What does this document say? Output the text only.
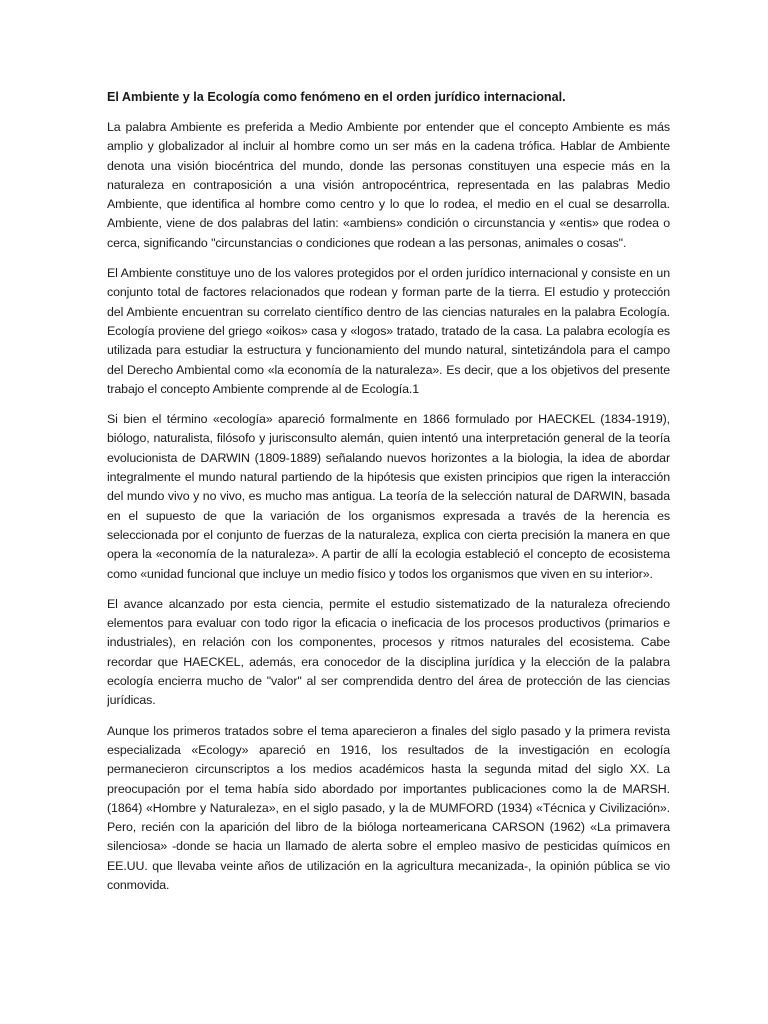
El Ambiente y la Ecología como fenómeno en el orden jurídico internacional.

La palabra Ambiente es preferida a Medio Ambiente por entender que el concepto Ambiente es más amplio y globalizador al incluir al hombre como un ser más en la cadena trófica. Hablar de Ambiente denota una visión biocéntrica del mundo, donde las personas constituyen una especie más en la naturaleza en contraposición a una visión antropocéntrica, representada en las palabras Medio Ambiente, que identifica al hombre como centro y lo que lo rodea, el medio en el cual se desarrolla. Ambiente, viene de dos palabras del latin: «ambiens» condición o circunstancia y «entis» que rodea o cerca, significando "circunstancias o condiciones que rodean a las personas, animales o cosas".

El Ambiente constituye uno de los valores protegidos por el orden jurídico internacional y consiste en un conjunto total de factores relacionados que rodean y forman parte de la tierra. El estudio y protección del Ambiente encuentran su correlato científico dentro de las ciencias naturales en la palabra Ecología. Ecología proviene del griego «oikos» casa y «logos» tratado, tratado de la casa. La palabra ecología es utilizada para estudiar la estructura y funcionamiento del mundo natural, sintetizándola para el campo del Derecho Ambiental como «la economía de la naturaleza». Es decir, que a los objetivos del presente trabajo el concepto Ambiente comprende al de Ecología.1

Si bien el término «ecología» apareció formalmente en 1866 formulado por HAECKEL (1834-1919), biólogo, naturalista, filósofo y jurisconsulto alemán, quien intentó una interpretación general de la teoría evolucionista de DARWIN (1809-1889) señalando nuevos horizontes a la biologia, la idea de abordar integralmente el mundo natural partiendo de la hipótesis que existen principios que rigen la interacción del mundo vivo y no vivo, es mucho mas antigua. La teoría de la selección natural de DARWIN, basada en el supuesto de que la variación de los organismos expresada a través de la herencia es seleccionada por el conjunto de fuerzas de la naturaleza, explica con cierta precisión la manera en que opera la «economía de la naturaleza». A partir de allí la ecologia estableció el concepto de ecosistema como «unidad funcional que incluye un medio físico y todos los organismos que viven en su interior».

El avance alcanzado por esta ciencia, permite el estudio sistematizado de la naturaleza ofreciendo elementos para evaluar con todo rigor la eficacia o ineficacia de los procesos productivos (primarios e industriales), en relación con los componentes, procesos y ritmos naturales del ecosistema. Cabe recordar que HAECKEL, además, era conocedor de la disciplina jurídica y la elección de la palabra ecología encierra mucho de "valor" al ser comprendida dentro del área de protección de las ciencias jurídicas.

Aunque los primeros tratados sobre el tema aparecieron a finales del siglo pasado y la primera revista especializada «Ecology» apareció en 1916, los resultados de la investigación en ecología permanecieron circunscriptos a los medios académicos hasta la segunda mitad del siglo XX. La preocupación por el tema había sido abordado por importantes publicaciones como la de MARSH. (1864) «Hombre y Naturaleza», en el siglo pasado, y la de MUMFORD (1934) «Técnica y Civilización». Pero, recién con la aparición del libro de la bióloga norteamericana CARSON (1962) «La primavera silenciosa» -donde se hacia un llamado de alerta sobre el empleo masivo de pesticidas químicos en EE.UU. que llevaba veinte años de utilización en la agricultura mecanizada-, la opinión pública se vio conmovida.
